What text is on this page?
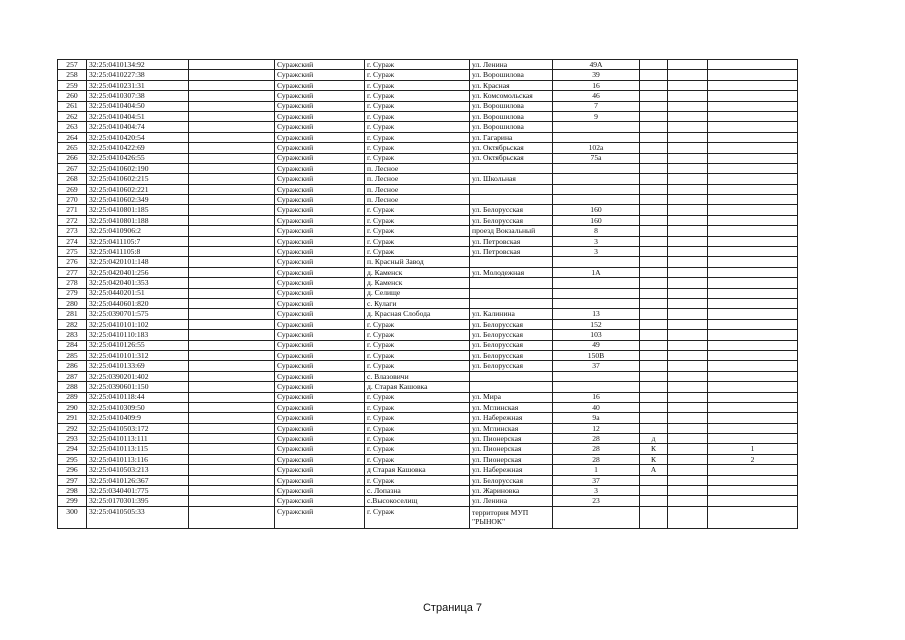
257	32:25:0410134:92		Суражский	г. Сураж	ул. Ленина	49А			
258	32:25:0410227:38		Суражский	г. Сураж	ул. Ворошилова	39			
259	32:25:0410231:31		Суражский	г. Сураж	ул. Красная	16			
260	32:25:0410307:38		Суражский	г. Сураж	ул. Комсомольская	46			
261	32:25:0410404:50		Суражский	г. Сураж	ул. Ворошилова	7			
262	32:25:0410404:51		Суражский	г. Сураж	ул. Ворошилова	9			
263	32:25:0410404:74		Суражский	г. Сураж	ул. Ворошилова				
264	32:25:0410420:54		Суражский	г. Сураж	ул. Гагарина				
265	32:25:0410422:69		Суражский	г. Сураж	ул. Октябрьская	102а			
266	32:25:0410426:55		Суражский	г. Сураж	ул. Октябрьская	75а			
267	32:25:0410602:190		Суражский	п. Лесное					
268	32:25:0410602:215		Суражский	п. Лесное	ул. Школьная				
269	32:25:0410602:221		Суражский	п. Лесное					
270	32:25:0410602:349		Суражский	п. Лесное					
271	32:25:0410801:185		Суражский	г. Сураж	ул. Белорусская	160			
272	32:25:0410801:188		Суражский	г. Сураж	ул. Белорусская	160			
273	32:25:0410906:2		Суражский	г. Сураж	проезд Вокзальный	8			
274	32:25:0411105:7		Суражский	г. Сураж	ул. Петровская	3			
275	32:25:0411105:8		Суражский	г. Сураж	ул. Петровская	3			
276	32:25:0420101:148		Суражский	п. Красный Завод					
277	32:25:0420401:256		Суражский	д. Каменск	ул. Молодежная	1А			
278	32:25:0420401:353		Суражский	д. Каменск					
279	32:25:0440201:51		Суражский	д. Селище					
280	32:25:0440601:820		Суражский	с. Кулаги					
281	32:25:0390701:575		Суражский	д. Красная Слобода	ул. Калинина	13			
282	32:25:0410101:102		Суражский	г. Сураж	ул. Белорусская	152			
283	32:25:0410110:183		Суражский	г. Сураж	ул. Белорусская	103			
284	32:25:0410126:55		Суражский	г. Сураж	ул. Белорусская	49			
285	32:25:0410101:312		Суражский	г. Сураж	ул. Белорусская	150В			
286	32:25:0410133:69		Суражский	г. Сураж	ул. Белорусская	37			
287	32:25:0390201:402		Суражский	с. Влазовичи					
288	32:25:0390601:150		Суражский	д. Старая Кашовка					
289	32:25:0410118:44		Суражский	г. Сураж	ул. Мира	16			
290	32:25:0410309:50		Суражский	г. Сураж	ул. Мглинская	40			
291	32:25:0410409:9		Суражский	г. Сураж	ул. Набережная	9а			
292	32:25:0410503:172		Суражский	г. Сураж	ул. Мглинская	12			
293	32:25:0410113:111		Суражский	г. Сураж	ул. Пионерская	28	д		
294	32:25:0410113:115		Суражский	г. Сураж	ул. Пионерская	28	К		1
295	32:25:0410113:116		Суражский	г. Сураж	ул. Пионерская	28	К		2
296	32:25:0410503:213		Суражский	д Старая Кашовка	ул. Набережная	1	А		
297	32:25:0410126:367		Суражский	г. Сураж	ул. Белорусская	37			
298	32:25:0340401:775		Суражский	с. Лопазна	ул. Жариновка	3			
299	32:25:0170301:395		Суражский	с.Высокоселищ	ул. Ленина	23			
300	32:25:0410505:33		Суражский	г. Сураж	территория МУП "РЫНОК"				
Страница 7
